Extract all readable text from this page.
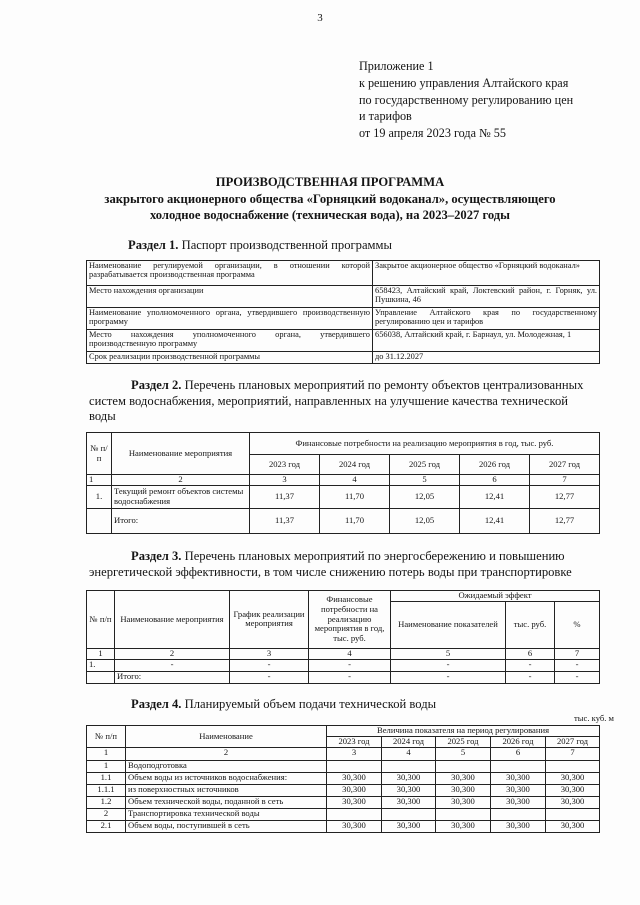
3
Приложение 1
к решению управления Алтайского края
по государственному регулированию цен
и тарифов
от 19 апреля 2023 года № 55
ПРОИЗВОДСТВЕННАЯ ПРОГРАММА
закрытого акционерного общества «Горняцкий водоканал», осуществляющего
холодное водоснабжение (техническая вода), на 2023–2027 годы
Раздел 1. Паспорт производственной программы
Наименование регулируемой организации, в отношении которой разрабатывается производственная программа	Закрытое акционерное общество «Горняцкий водоканал»
Место нахождения организации	658423, Алтайский край, Локтевский район, г. Горняк, ул. Пушкина, 46
Наименование уполномоченного органа, утвердившего производственную программу	Управление Алтайского края по государственному регулированию цен и тарифов
Место нахождения уполномоченного органа, утвердившего производственную программу	656038, Алтайский край, г. Барнаул, ул. Молодежная, 1
Срок реализации производственной программы	до 31.12.2027
Раздел 2. Перечень плановых мероприятий по ремонту объектов централизованных
систем водоснабжения, мероприятий, направленных на улучшение качества технической
воды
№ п/п	Наименование мероприятия	Финансовые потребности на реализацию мероприятия в год, тыс. руб.				
		2023 год	2024 год	2025 год	2026 год	2027 год
1	2	3	4	5	6	7
1.	Текущий ремонт объектов системы водоснабжения	11,37	11,70	12,05	12,41	12,77
	Итого:	11,37	11,70	12,05	12,41	12,77
Раздел 3. Перечень плановых мероприятий по энергосбережению и повышению
энергетической эффективности, в том числе снижению потерь воды при транспортировке
№ п/п	Наименование мероприятия	График реализации мероприятия	Финансовые потребности на реализацию мероприятия в год, тыс. руб.	Ожидаемый эффект		
				Наименование показателей	тыс. руб.	%
1	2	3	4	5	6	7
1.	-	-	-	-	-	-
	Итого:	-	-	-	-	-
Раздел 4. Планируемый объем подачи технической воды
тыс. куб. м
№ п/п	Наименование	Величина показателя на период регулирования				
		2023 год	2024 год	2025 год	2026 год	2027 год
1	2	3	4	5	6	7
1	Водоподготовка					
1.1	Объем воды из источников водоснабжения:	30,300	30,300	30,300	30,300	30,300
1.1.1	из поверхностных источников	30,300	30,300	30,300	30,300	30,300
1.2	Объем технической воды, поданной в сеть	30,300	30,300	30,300	30,300	30,300
2	Транспортировка технической воды					
2.1	Объем воды, поступившей в сеть	30,300	30,300	30,300	30,300	30,300
